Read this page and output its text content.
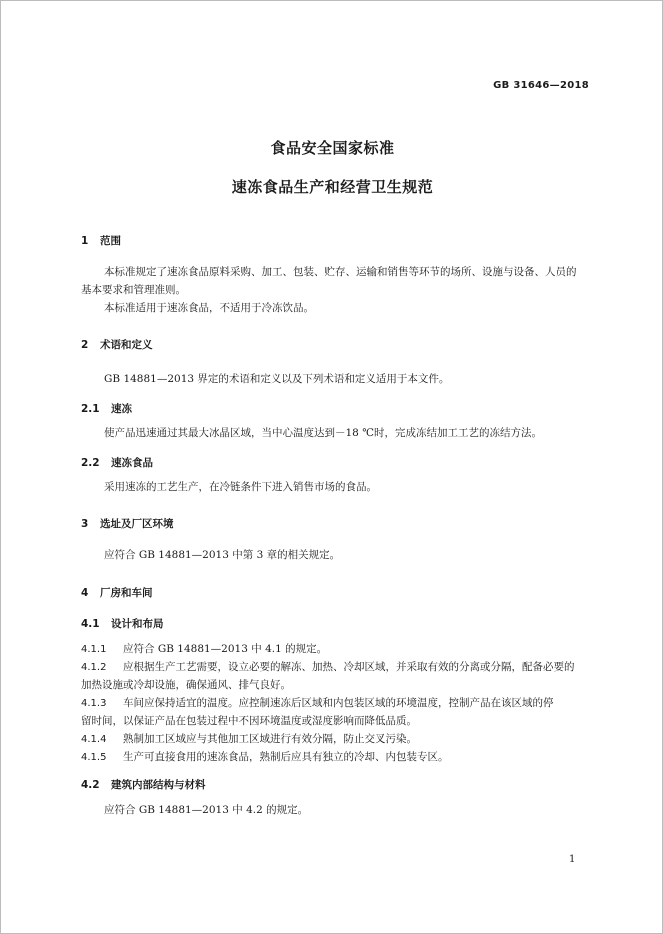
GB 31646—2018
食品安全国家标准
速冻食品生产和经营卫生规范
1 范围
本标准规定了速冻食品原料采购、加工、包装、贮存、运输和销售等环节的场所、设施与设备、人员的
基本要求和管理准则。
本标准适用于速冻食品，不适用于冷冻饮品。
2 术语和定义
GB 14881—2013 界定的术语和定义以及下列术语和定义适用于本文件。
2.1 速冻
使产品迅速通过其最大冰晶区域，当中心温度达到－18 ℃时，完成冻结加工工艺的冻结方法。
2.2 速冻食品
采用速冻的工艺生产，在冷链条件下进入销售市场的食品。
3 选址及厂区环境
应符合 GB 14881—2013 中第 3 章的相关规定。
4 厂房和车间
4.1 设计和布局
4.1.1 应符合 GB 14881—2013 中 4.1 的规定。
4.1.2 应根据生产工艺需要，设立必要的解冻、加热、冷却区域，并采取有效的分离或分隔，配备必要的
加热设施或冷却设施，确保通风、排气良好。
4.1.3 车间应保持适宜的温度。应控制速冻后区域和内包装区域的环境温度，控制产品在该区域的停
留时间，以保证产品在包装过程中不因环境温度或湿度影响而降低品质。
4.1.4 熟制加工区域应与其他加工区域进行有效分隔，防止交叉污染。
4.1.5 生产可直接食用的速冻食品，熟制后应具有独立的冷却、内包装专区。
4.2 建筑内部结构与材料
应符合 GB 14881—2013 中 4.2 的规定。
1
